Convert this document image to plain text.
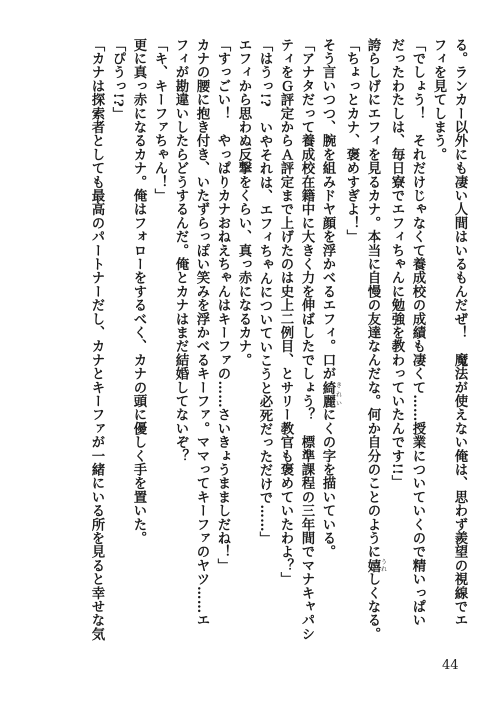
る。ランカー以外にも凄い人間はいるもんだぜ！　魔法が使えない俺は、思わず羨望の視線でエ
フィを見てしまう。
「でしょう！　それだけじゃなくて養成校の成績も凄くて……授業についていくので精いっぱい
だったわたしは、毎日寮でエフィちゃんに勉強を教わっていたんです!!」
誇らしげにエフィを見るカナ。本当に自慢の友達なんだな。何か自分のことのように嬉うれしくなる。
「ちょっとカナ、褒めすぎよ！」
そう言いつつ、腕を組みドヤ顔を浮かべるエフィ。口が綺麗きれいにくの字を描いている。
「アナタだって養成校在籍中に大きく力を伸ばしたでしょう？　標準課程の三年間でマナキャパシ
ティをＧ評定からＡ評定まで上げたのは史上二例目、とサリー教官も褒めていたわよ？」
「はうっ!?　いやそれは、エフィちゃんについていこうと必死だっただけで……」
エフィから思わぬ反撃をくらい、真っ赤になるカナ。
「すっごい！　やっぱりカナおねえちゃんはキーファの……さいきょうまましだね！」
カナの腰に抱き付き、いたずらっぽい笑みを浮かべるキーファ。ママってキーファのヤツ……エ
フィが勘違いしたらどうするんだ。俺とカナはまだ結婚してないぞ？
「キ、キーファちゃん！」
更に真っ赤になるカナ。俺はフォローをするべく、カナの頭に優しく手を置いた。
「ぴうっ!?」
「カナは探索者としても最高のパートナーだし、カナとキーファが一緒にいる所を見ると幸せな気
44
